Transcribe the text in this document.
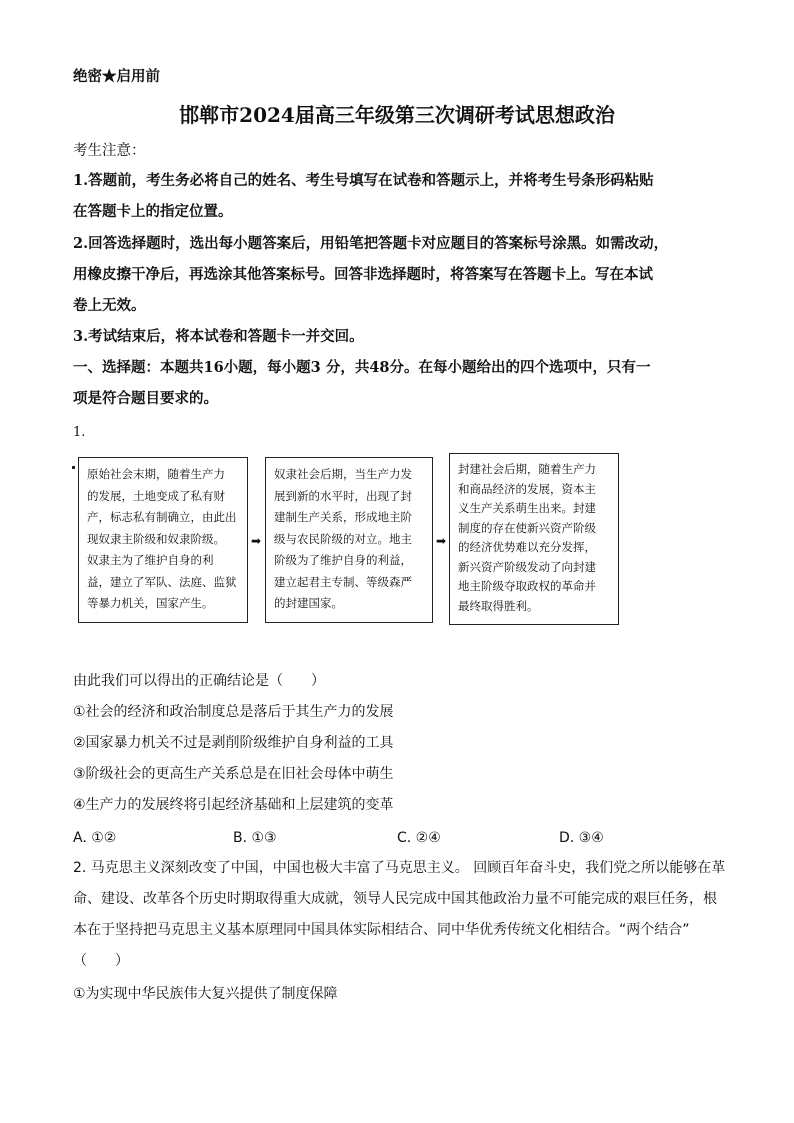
绝密★启用前
邯郸市2024届高三年级第三次调研考试思想政治
考生注意：
1.答题前，考生务必将自己的姓名、考生号填写在试卷和答题示上，并将考生号条形码粘贴
在答题卡上的指定位置。
2.回答选择题时，选出每小题答案后，用铅笔把答题卡对应题目的答案标号涂黑。如需改动，
用橡皮擦干净后，再选涂其他答案标号。回答非选择题时，将答案写在答题卡上。写在本试
卷上无效。
3.考试结束后，将本试卷和答题卡一并交回。
一、选择题：本题共16小题，每小题3 分，共48分。在每小题给出的四个选项中，只有一
项是符合题目要求的。
1.
原始社会末期，随着生产力
的发展，土地变成了私有财
产，标志私有制确立，由此出
现奴隶主阶级和奴隶阶级。
奴隶主为了维护自身的利
益，建立了军队、法庭、监狱
等暴力机关，国家产生。
➡
奴隶社会后期，当生产力发
展到新的水平时，出现了封
建制生产关系，形成地主阶
级与农民阶级的对立。地主
阶级为了维护自身的利益，
建立起君主专制、等级森严
的封建国家。
➡
封建社会后期，随着生产力
和商品经济的发展，资本主
义生产关系萌生出来。封建
制度的存在使新兴资产阶级
的经济优势难以充分发挥，
新兴资产阶级发动了向封建
地主阶级夺取政权的革命并
最终取得胜利。
由此我们可以得出的正确结论是（　　）
①社会的经济和政治制度总是落后于其生产力的发展
②国家暴力机关不过是剥削阶级维护自身利益的工具
③阶级社会的更高生产关系总是在旧社会母体中萌生
④生产力的发展终将引起经济基础和上层建筑的变革
A. ①②	B. ①③	C. ②④	D. ③④
2. 马克思主义深刻改变了中国，中国也极大丰富了马克思主义。 回顾百年奋斗史，我们党之所以能够在革
命、建设、改革各个历史时期取得重大成就，领导人民完成中国其他政治力量不可能完成的艰巨任务，根
本在于坚持把马克思主义基本原理同中国具体实际相结合、同中华优秀传统文化相结合。“两个结合”
（　　）
①为实现中华民族伟大复兴提供了制度保障
